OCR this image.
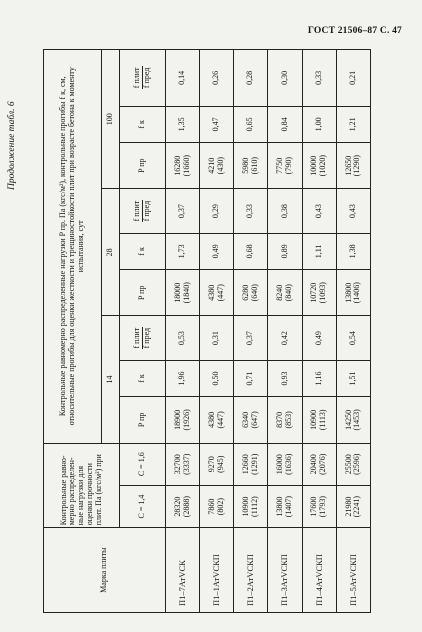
ГОСТ 21506–87 С. 47
Продолжение табл. 6
Марка плиты	Контрольные равно-мерно распределен-ные нагрузки для оценки прочности плит. Па (кгс/м²) при		Контрольные равномерно распределенные нагрузки P пр. Па (кгс/м²), контрольные прогибы f к, см, относительные прогибы для оценки жесткости и трещиностойкости плит при возрасте бетона к моменту испытания, сут								
			14			28			100		
	С = 1,4	С = 1,6	P пр	f к	f плит f пред	P пр	f к	f плит f пред	P пр	f к	f плит f пред

П1–7АтVСК	28320 (2888)	32700 (3337)	18900 (1926)	1,96	0,53	18000 (1840)	1,73	0,37	16280 (1660)	1,35	0,14
П1–1АтVСКП	7860 (802)	9270 (945)	4380 (447)	0,50	0,31	4380 (447)	0,49	0,29	4210 (430)	0,47	0,26
П1–2АтVСКП	10900 (1112)	12660 (1291)	6340 (647)	0,71	0,37	6280 (640)	0,68	0,33	5980 (610)	0,65	0,28
П1–3АтVСКП	13800 (1407)	16000 (1636)	8370 (853)	0,93	0,42	8240 (840)	0,89	0,38	7750 (790)	0,84	0,30
П1–4АтVСКП	17600 (1793)	20400 (2076)	10900 (1113)	1,16	0,49	10720 (1093)	1,11	0,43	10000 (1020)	1,00	0,33
П1–5АтVСКП	21980 (2241)	25500 (2596)	14250 (1453)	1,51	0,54	13800 (1406)	1,38	0,43	12650 (1290)	1,21	0,21
